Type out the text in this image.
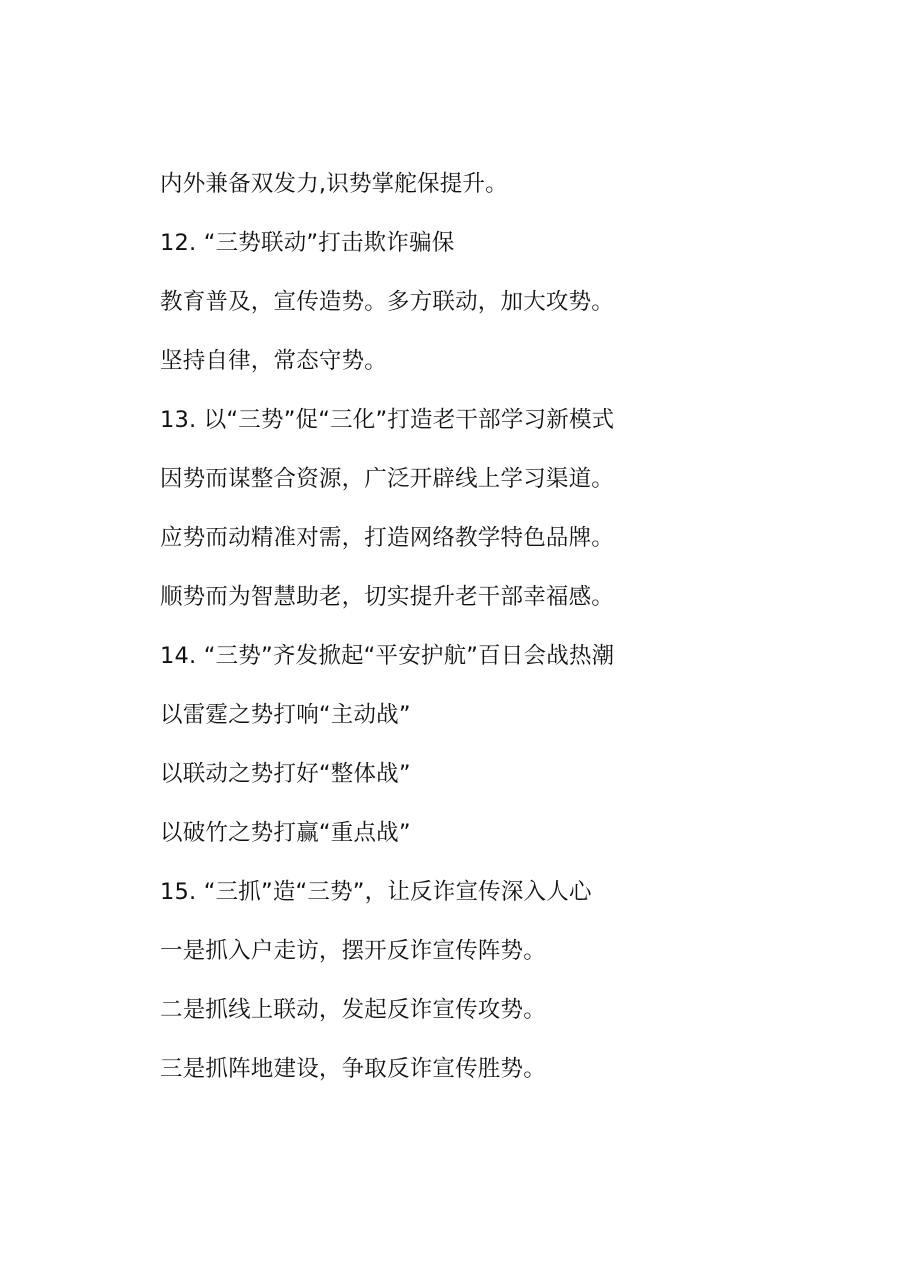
内外兼备双发力,识势掌舵保提升。
12. “三势联动”打击欺诈骗保
教育普及，宣传造势。多方联动，加大攻势。
坚持自律，常态守势。
13. 以“三势”促“三化”打造老干部学习新模式
因势而谋整合资源，广泛开辟线上学习渠道。
应势而动精准对需，打造网络教学特色品牌。
顺势而为智慧助老，切实提升老干部幸福感。
14. “三势”齐发掀起“平安护航”百日会战热潮
以雷霆之势打响“主动战”
以联动之势打好“整体战”
以破竹之势打赢“重点战”
15. “三抓”造“三势”，让反诈宣传深入人心
一是抓入户走访，摆开反诈宣传阵势。
二是抓线上联动，发起反诈宣传攻势。
三是抓阵地建设，争取反诈宣传胜势。
